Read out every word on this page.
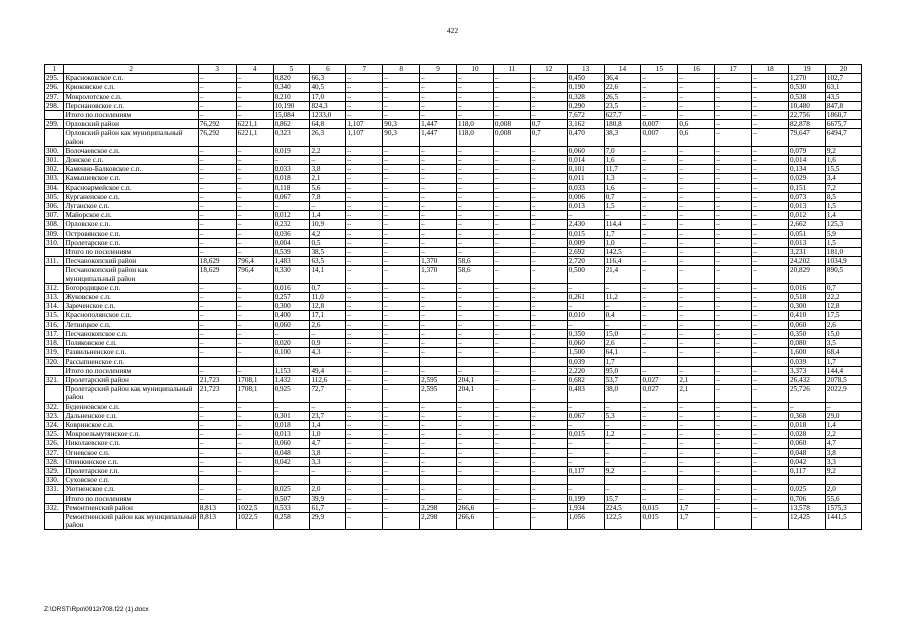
422
1	2	3	4	5	6	7	8	9	10	11	12	13	14	15	16	17	18	19	20
295.	Красноковское с.п.	–	–	0,820	66,3	–	–	–	–	–	–	0,450	36,4	–	–	–	–	1,270	102,7
296.	Крюковское с.п.	–	–	0,340	40,5	–	–	–	–	–	–	0,190	22,6	–	–	–	–	0,530	63,1
297.	Мокролотское с.п.	–	–	0,210	17,0	–	–	–	–	–	–	0,328	26,5	–	–	–	–	0,538	43,5
298.	Персиановское с.п.	–	–	10,190	824,3	–	–	–	–	–	–	0,290	23,5	–	–	–	–	10,480	847,8
	Итого по поселениям	–	–	15,084	1233,0	–	–	–	–	–	–	7,672	627,7	–	–	–	–	22,756	1860,7
299.	Орловский район	76,292	6221,1	0,862	64,8	1,107	90,3	1,447	118,0	0,008	0,7	3,162	180,8	0,007	0,6	–	–	82,878	6675,7
	Орловский район как муниципальный район	76,292	6221,1	0,323	26,3	1,107	90,3	1,447	118,0	0,008	0,7	0,470	38,3	0,007	0,6	–	–	79,647	6494,7
300.	Волочаевское с.п.	–	–	0,019	2,2	–	–	–	–	–	–	0,060	7,0	–	–	–	–	0,079	9,2
301.	Донское с.п.	–	–	–	–	–	–	–	–	–	–	0,014	1,6	–	–	–	–	0,014	1,6
302.	Каменно-Балковское с.п.	–	–	0,033	3,8	–	–	–	–	–	–	0,101	11,7	–	–	–	–	0,134	15,5
303.	Камышевское с.п.	–	–	0,018	2,1	–	–	–	–	–	–	0,011	1,3	–	–	–	–	0,029	3,4
304.	Красноармейское с.п.	–	–	0,118	5,6	–	–	–	–	–	–	0,033	1,6	–	–	–	–	0,151	7,2
305.	Курганенское с.п.	–	–	0,067	7,8	–	–	–	–	–	–	0,006	0,7	–	–	–	–	0,073	8,5
306.	Луганское с.п.	–	–	–	–	–	–	–	–	–	–	0,013	1,5	–	–	–	–	0,013	1,5
307.	Майорское с.п.	–	–	0,012	1,4	–	–	–	–	–	–	–	–	–	–	–	–	0,012	1,4
308.	Орловское с.п.	–	–	0,232	10,9	–	–	–	–	–	–	2,430	114,4	–	–	–	–	2,662	125,3
309.	Островянское с.п.	–	–	0,036	4,2	–	–	–	–	–	–	0,015	1,7	–	–	–	–	0,051	5,9
310.	Пролетарское с.п.	–	–	0,004	0,5	–	–	–	–	–	–	0,009	1,0	–	–	–	–	0,013	1,5
	Итого по поселениям	–	–	0,539	38,5	–	–	–	–	–	–	2,692	142,5	–	–	–	–	3,231	181,0
311.	Песчанокопский район	18,629	796,4	1,483	63,5	–	–	1,370	58,6	–	–	2,720	116,4	–	–	–	–	24,202	1034,9
	Песчанокопский район как муниципальный район	18,629	796,4	0,330	14,1	–	–	1,370	58,6	–	–	0,500	21,4	–	–	–	–	20,829	890,5
312.	Богородицкое с.п.	–	–	0,016	0,7	–	–	–	–	–	–	–	–	–	–	–	–	0,016	0,7
313.	Жуковское с.п.	–	–	0,257	11,0	–	–	–	–	–	–	0,261	11,2	–	–	–	–	0,518	22,2
314.	Зареченское с.п.	–	–	0,300	12,8	–	–	–	–	–	–	–	–	–	–	–	–	0,300	12,8
315.	Краснополянское с.п.	–	–	0,400	17,1	–	–	–	–	–	–	0,010	0,4	–	–	–	–	0,410	17,5
316.	Летницкое с.п.	–	–	0,060	2,6	–	–	–	–	–	–	–	–	–	–	–	–	0,060	2,6
317.	Песчанокопское с.п.	–	–	–	–	–	–	–	–	–	–	0,350	15,0	–	–	–	–	0,350	15,0
318.	Поляковское с.п.	–	–	0,020	0,9	–	–	–	–	–	–	0,060	2,6	–	–	–	–	0,080	3,5
319.	Развильненское с.п.	–	–	0,100	4,3	–	–	–	–	–	–	1,500	64,1	–	–	–	–	1,600	68,4
320.	Рассыпненское с.п.											0,039	1,7					0,039	1,7
	Итого по поселениям	–	–	1,153	49,4	–	–	–	–	–	–	2,220	95,0	–	–	–	–	3,373	144,4
321.	Пролетарский район	21,723	1708,1	1,432	112,6	–	–	2,595	204,1	–	–	0,682	53,7	0,027	2,1	–	–	26,432	2078,5
	Пролетарский район как муниципальный район	21,723	1708,1	0,925	72,7	–	–	2,595	204,1	–	–	0,483	38,0	0,027	2,1	–	–	25,726	2022,9
322.	Буденновское с.п.	–	–	–	–	–	–	–	–	–	–	–	–	–	–	–	–	–	–
323.	Дальненское с.п.	–	–	0,301	23,7	–	–	–	–	–	–	0,067	5,3	–	–	–	–	0,368	29,0
324.	Ковринское с.п.	–	–	0,018	1,4	–	–	–	–	–	–	–	–	–	–	–	–	0,018	1,4
325.	Мокроельмутянское с.п.	–	–	0,013	1,0	–	–	–	–	–	–	0,015	1,2	–	–	–	–	0,028	2,2
326.	Николаевское с.п.	–	–	0,060	4,7	–	–	–	–	–	–	–	–	–	–	–	–	0,060	4,7
327.	Огневское с.п.	–	–	0,048	3,8	–	–	–	–	–	–	–	–	–	–	–	–	0,048	3,8
328.	Опенкинское с.п.	–	–	0,042	3,3	–	–	–	–	–	–	–	–	–	–	–	–	0,042	3,3
329.	Пролетарское г.п.	–	–	–	–	–	–	–	–	–	–	0,117	9,2	–	–	–	–	0,117	9,2
330.	Суховское с.п.																		
331.	Уютненское с.п.	–	–	0,025	2,0	–	–	–	–	–	–	–	–	–	–	–	–	0,025	2,0
	Итого по поселениям	–	–	0,507	39,9	–	–	–	–	–	–	0,199	15,7	–	–	–	–	0,706	55,6
332.	Ремонтненский район	8,813	1022,5	0,533	61,7	–	–	2,298	266,6	–	–	1,934	224,5	0,015	1,7	–	–	13,578	1575,3
	Ремонтненский район как муниципальный район	8,813	1022,5	0,258	29,9	–	–	2,298	266,6	–	–	1,056	122,5	0,015	1,7	–	–	12,425	1441,5
Z:\ORST\Rpo\0912r708.f22 (1).docx
